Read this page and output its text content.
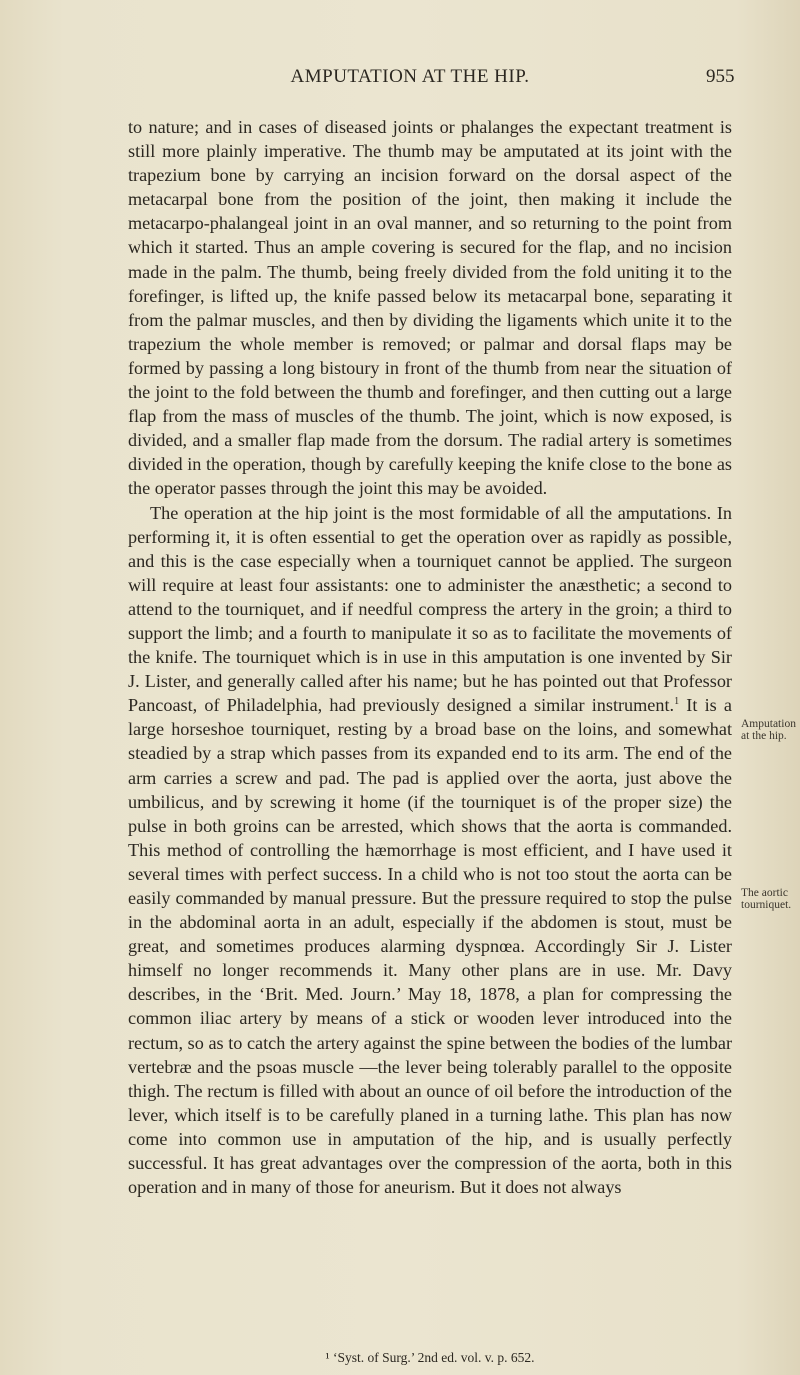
AMPUTATION AT THE HIP.	955

to nature; and in cases of diseased joints or phalanges the expectant treatment is still more plainly imperative. The thumb may be amputated at its joint with the trapezium bone by carrying an incision forward on the dorsal aspect of the metacarpal bone from the position of the joint, then making it include the metacarpo-phalangeal joint in an oval manner, and so returning to the point from which it started. Thus an ample covering is secured for the flap, and no incision made in the palm. The thumb, being freely divided from the fold uniting it to the forefinger, is lifted up, the knife passed below its metacarpal bone, separating it from the palmar muscles, and then by dividing the ligaments which unite it to the trapezium the whole member is removed; or palmar and dorsal flaps may be formed by passing a long bistoury in front of the thumb from near the situation of the joint to the fold between the thumb and forefinger, and then cutting out a large flap from the mass of muscles of the thumb. The joint, which is now exposed, is divided, and a smaller flap made from the dorsum. The radial artery is sometimes divided in the operation, though by carefully keeping the knife close to the bone as the operator passes through the joint this may be avoided.

The operation at the hip joint is the most formidable of all the amputations. In performing it, it is often essential to get the operation over as rapidly as possible, and this is the case especially when a tourniquet cannot be applied. The surgeon will require at least four assistants: one to administer the anæsthetic; a second to attend to the tourniquet, and if needful compress the artery in the groin; a third to support the limb; and a fourth to manipulate it so as to facilitate the movements of the knife. The tourniquet which is in use in this amputation is one invented by Sir J. Lister, and generally called after his name; but he has pointed out that Professor Pancoast, of Philadelphia, had previously designed a similar instrument.$^1$ It is a large horseshoe tourniquet, resting by a broad base on the loins, and somewhat steadied by a strap which passes from its expanded end to its arm. The end of the arm carries a screw and pad. The pad is applied over the aorta, just above the umbilicus, and by screwing it home (if the tourniquet is of the proper size) the pulse in both groins can be arrested, which shows that the aorta is commanded. This method of controlling the hæmorrhage is most efficient, and I have used it several times with perfect success. In a child who is not too stout the aorta can be easily commanded by manual pressure. But the pressure required to stop the pulse in the abdominal aorta in an adult, especially if the abdomen is stout, must be great, and sometimes produces alarming dyspnœa. Accordingly Sir J. Lister himself no longer recommends it. Many other plans are in use. Mr. Davy describes, in the ‘Brit. Med. Journ.’ May 18, 1878, a plan for compressing the common iliac artery by means of a stick or wooden lever introduced into the rectum, so as to catch the artery against the spine between the bodies of the lumbar vertebræ and the psoas muscle —the lever being tolerably parallel to the opposite thigh. The rectum is filled with about an ounce of oil before the introduction of the lever, which itself is to be carefully planed in a turning lathe. This plan has now come into common use in amputation of the hip, and is usually perfectly successful. It has great advantages over the compression of the aorta, both in this operation and in many of those for aneurism. But it does not always

Amputation at the hip.
The aortic tourniquet.
¹ ‘Syst. of Surg.’ 2nd ed. vol. v. p. 652.
